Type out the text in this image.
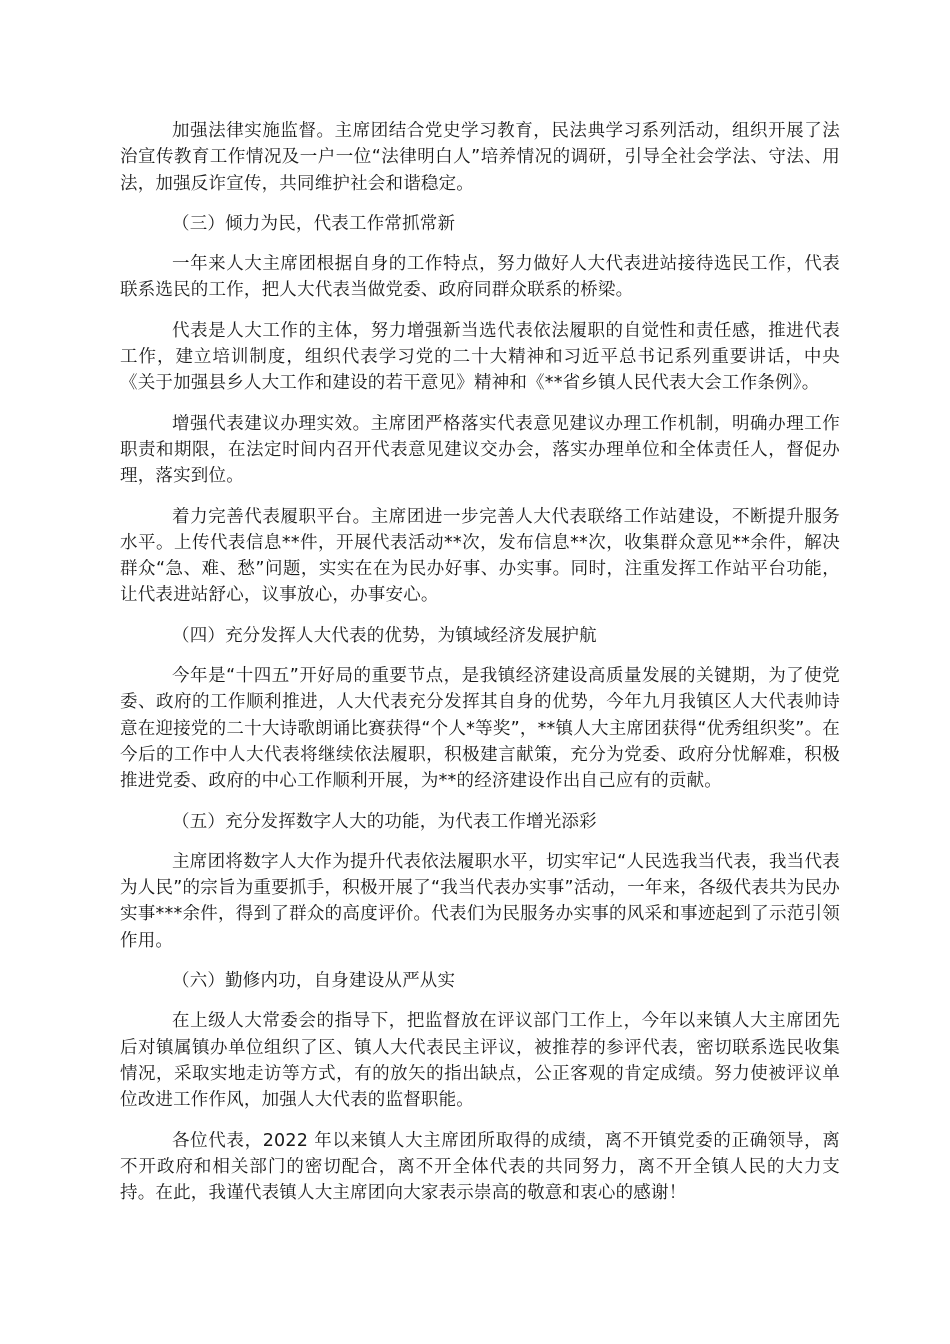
加强法律实施监督。主席团结合党史学习教育，民法典学习系列活动，组织开展了法治宣传教育工作情况及一户一位“法律明白人”培养情况的调研，引导全社会学法、守法、用法，加强反诈宣传，共同维护社会和谐稳定。

（三）倾力为民，代表工作常抓常新

一年来人大主席团根据自身的工作特点，努力做好人大代表进站接待选民工作，代表联系选民的工作，把人大代表当做党委、政府同群众联系的桥梁。

代表是人大工作的主体，努力增强新当选代表依法履职的自觉性和责任感，推进代表工作，建立培训制度，组织代表学习党的二十大精神和习近平总书记系列重要讲话，中央《关于加强县乡人大工作和建设的若干意见》精神和《**省乡镇人民代表大会工作条例》。

增强代表建议办理实效。主席团严格落实代表意见建议办理工作机制，明确办理工作职责和期限，在法定时间内召开代表意见建议交办会，落实办理单位和全体责任人，督促办理，落实到位。

着力完善代表履职平台。主席团进一步完善人大代表联络工作站建设，不断提升服务水平。上传代表信息**件，开展代表活动**次，发布信息**次，收集群众意见**余件，解决群众“急、难、愁”问题，实实在在为民办好事、办实事。同时，注重发挥工作站平台功能，让代表进站舒心，议事放心，办事安心。

（四）充分发挥人大代表的优势，为镇域经济发展护航

今年是“十四五”开好局的重要节点，是我镇经济建设高质量发展的关键期，为了使党委、政府的工作顺利推进，人大代表充分发挥其自身的优势，今年九月我镇区人大代表帅诗意在迎接党的二十大诗歌朗诵比赛获得“个人*等奖”，**镇人大主席团获得“优秀组织奖”。在今后的工作中人大代表将继续依法履职，积极建言献策，充分为党委、政府分忧解难，积极推进党委、政府的中心工作顺利开展，为**的经济建设作出自己应有的贡献。

（五）充分发挥数字人大的功能，为代表工作增光添彩

主席团将数字人大作为提升代表依法履职水平，切实牢记“人民选我当代表，我当代表为人民”的宗旨为重要抓手，积极开展了“我当代表办实事”活动，一年来，各级代表共为民办实事***余件，得到了群众的高度评价。代表们为民服务办实事的风采和事迹起到了示范引领作用。

（六）勤修内功，自身建设从严从实

在上级人大常委会的指导下，把监督放在评议部门工作上，今年以来镇人大主席团先后对镇属镇办单位组织了区、镇人大代表民主评议，被推荐的参评代表，密切联系选民收集情况，采取实地走访等方式，有的放矢的指出缺点，公正客观的肯定成绩。努力使被评议单位改进工作作风，加强人大代表的监督职能。

各位代表，2022 年以来镇人大主席团所取得的成绩，离不开镇党委的正确领导，离不开政府和相关部门的密切配合，离不开全体代表的共同努力，离不开全镇人民的大力支持。在此，我谨代表镇人大主席团向大家表示崇高的敬意和衷心的感谢！
